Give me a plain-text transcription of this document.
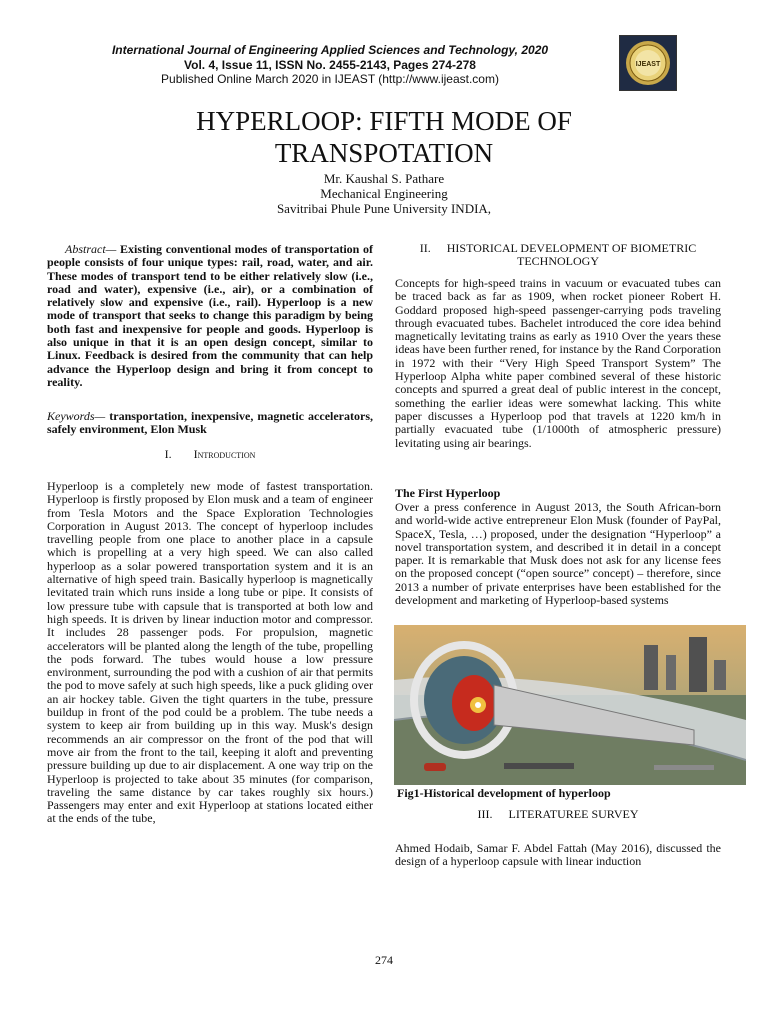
International Journal of Engineering Applied Sciences and Technology, 2020
Vol. 4, Issue 11, ISSN No. 2455-2143, Pages 274-278
Published Online March 2020 in IJEAST (http://www.ijeast.com)
IJEAST
HYPERLOOP: FIFTH MODE OF
TRANSPOTATION
Mr. Kaushal S. Pathare
Mechanical Engineering
Savitribai Phule Pune University INDIA,
Abstract— Existing conventional modes of transportation of people consists of four unique types: rail, road, water, and air. These modes of transport tend to be either relatively slow (i.e., road and water), expensive (i.e., air), or a combination of relatively slow and expensive (i.e., rail). Hyperloop is a new mode of transport that seeks to change this paradigm by being both fast and inexpensive for people and goods. Hyperloop is also unique in that it is an open design concept, similar to Linux. Feedback is desired from the community that can help advance the Hyperloop design and bring it from concept to reality.
Keywords— transportation, inexpensive, magnetic accelerators, safely environment, Elon Musk
I. Introduction
Hyperloop is a completely new mode of fastest transportation. Hyperloop is firstly proposed by Elon musk and a team of engineer from Tesla Motors and the Space Exploration Technologies Corporation in August 2013. The concept of hyperloop includes travelling people from one place to another place in a capsule which is propelling at a very high speed. We can also called hyperloop as a solar powered transportation system and it is an alternative of high speed train. Basically hyperloop is magnetically levitated train which runs inside a long tube or pipe. It consists of low pressure tube with capsule that is transported at both low and high speeds. It is driven by linear induction motor and compressor. It includes 28 passenger pods. For propulsion, magnetic accelerators will be planted along the length of the tube, propelling the pods forward. The tubes would house a low pressure environment, surrounding the pod with a cushion of air that permits the pod to move safely at such high speeds, like a puck gliding over an air hockey table. Given the tight quarters in the tube, pressure buildup in front of the pod could be a problem. The tube needs a system to keep air from building up in this way. Musk's design recommends an air compressor on the front of the pod that will move air from the front to the tail, keeping it aloft and preventing pressure building up due to air displacement. A one way trip on the Hyperloop is projected to take about 35 minutes (for comparison, traveling the same distance by car takes roughly six hours.) Passengers may enter and exit Hyperloop at stations located either at the ends of the tube,
II. HISTORICAL DEVELOPMENT OF BIOMETRIC TECHNOLOGY
Concepts for high-speed trains in vacuum or evacuated tubes can be traced back as far as 1909, when rocket pioneer Robert H. Goddard proposed high-speed passenger-carrying pods traveling through evacuated tubes. Bachelet introduced the core idea behind magnetically levitating trains as early as 1910 Over the years these ideas have been further rened, for instance by the Rand Corporation in 1972 with their “Very High Speed Transport System” The Hyperloop Alpha white paper combined several of these historic concepts and spurred a great deal of public interest in the concept, something the earlier ideas were somewhat lacking. This white paper discusses a Hyperloop pod that travels at 1220 km/h in partially evacuated tube (1/1000th of atmospheric pressure) levitating using air bearings.
The First Hyperloop
Over a press conference in August 2013, the South African-born and world-wide active entrepreneur Elon Musk (founder of PayPal, SpaceX, Tesla, …) proposed, under the designation “Hyperloop” a novel transportation system, and described it in detail in a concept paper. It is remarkable that Musk does not ask for any license fees on the proposed concept (“open source” concept) – therefore, since 2013 a number of private enterprises have been established for the development and marketing of Hyperloop-based systems
Fig1-Historical development of hyperloop
III. LITERATUREE SURVEY
Ahmed Hodaib, Samar F. Abdel Fattah (May 2016), discussed the design of a hyperloop capsule with linear induction
274
